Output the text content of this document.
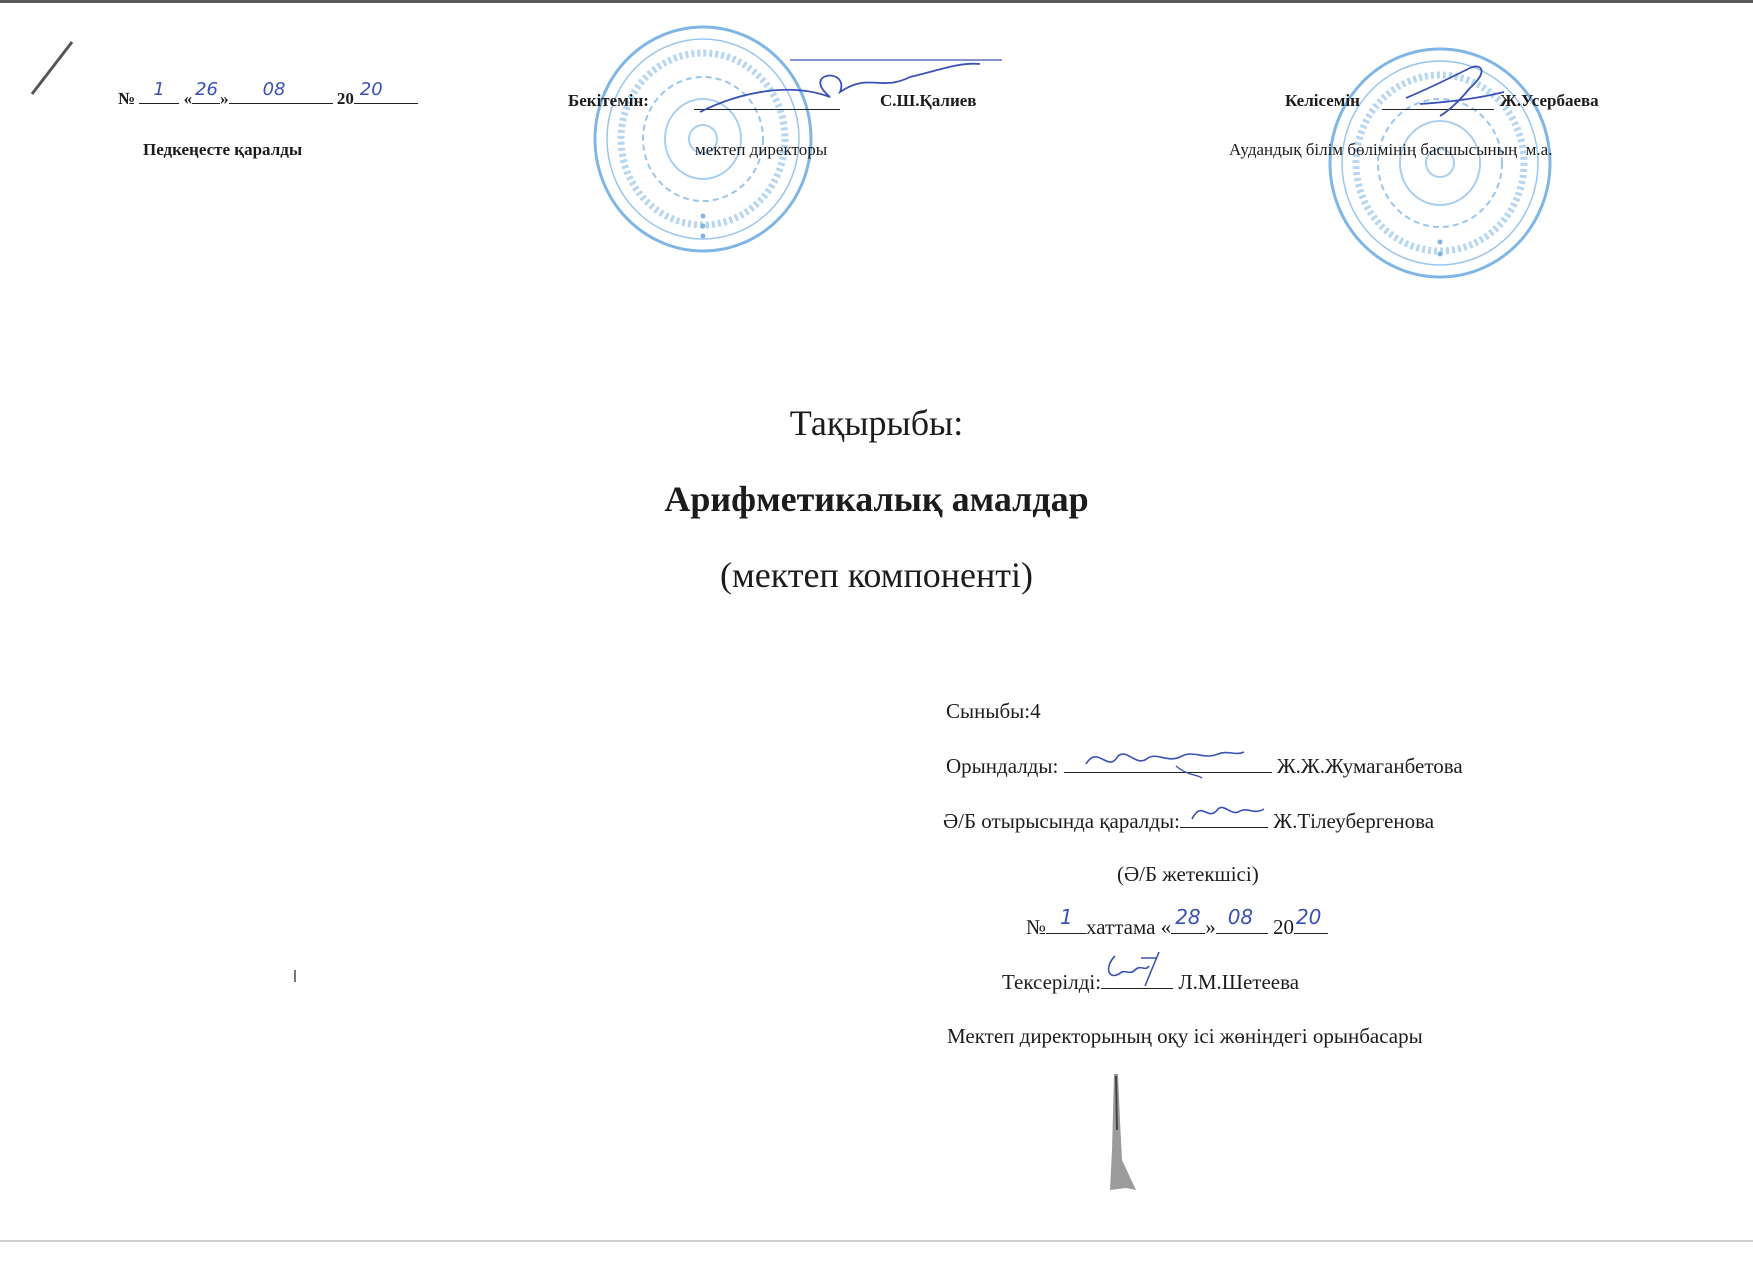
№ 1 « 26 » 08	20 20
Педкеңесте қаралды
Бекітемін:	С.Ш.Қалиев
мектеп директоры
Келісемін	Ж.Усербаева
Аудандық білім бөлімінің басшысының  м.а.
Тақырыбы:
Арифметикалық амалдар
(мектеп компоненті)
Сыныбы:4
Орындалды:	Ж.Ж.Жумаганбетова
Ә/Б отырысында қаралды:	Ж.Тілеубергенова
(Ә/Б жетекшісі)
№ 1 хаттама « 28 » 08 20 20
Тексерілді:	Л.М.Шетеева
Мектеп директорының оқу ісі жөніндегі орынбасары
